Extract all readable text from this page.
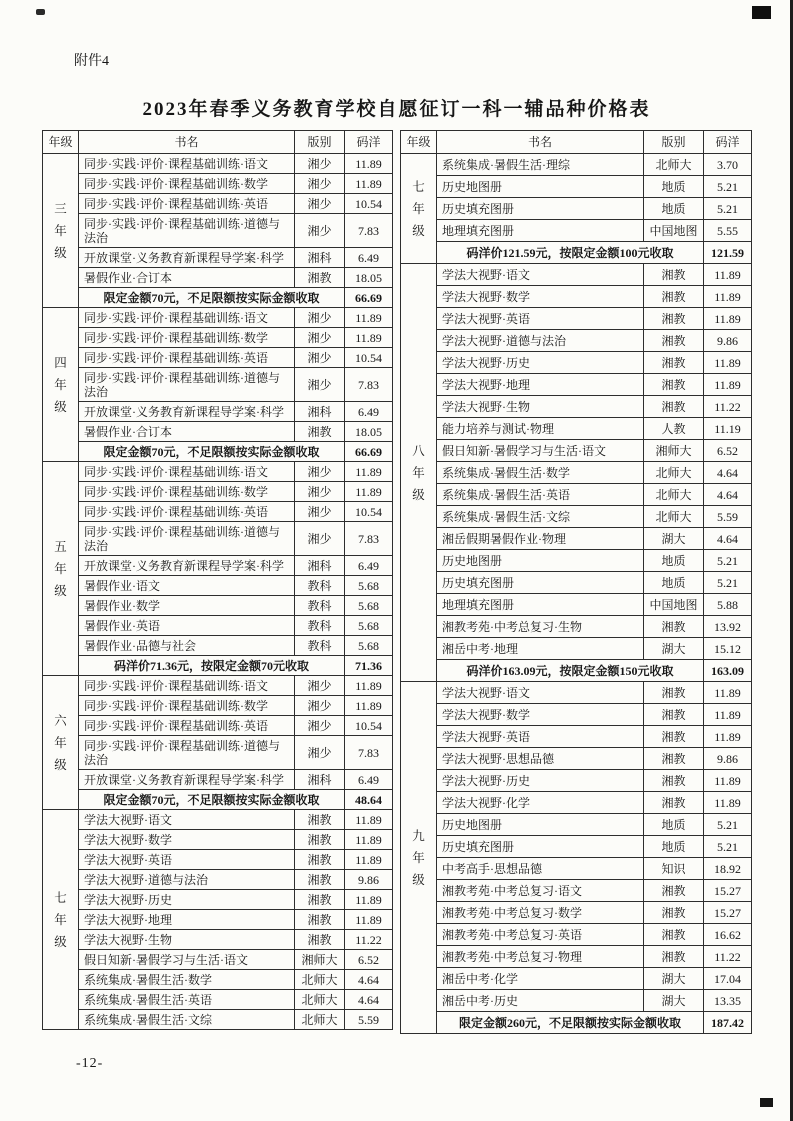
附件4
2023年春季义务教育学校自愿征订一科一辅品种价格表
年级	书名	版别	码洋

三年级	同步·实践·评价·课程基础训练·语文	湘少	11.89
	同步·实践·评价·课程基础训练·数学	湘少	11.89
	同步·实践·评价·课程基础训练·英语	湘少	10.54
	同步·实践·评价·课程基础训练·道德与法治	湘少	7.83
	开放课堂·义务教育新课程导学案·科学	湘科	6.49
	暑假作业·合订本	湘教	18.05
	限定金额70元，不足限额按实际金额收取		66.69

四年级	同步·实践·评价·课程基础训练·语文	湘少	11.89
	同步·实践·评价·课程基础训练·数学	湘少	11.89
	同步·实践·评价·课程基础训练·英语	湘少	10.54
	同步·实践·评价·课程基础训练·道德与法治	湘少	7.83
	开放课堂·义务教育新课程导学案·科学	湘科	6.49
	暑假作业·合订本	湘教	18.05
	限定金额70元，不足限额按实际金额收取		66.69

五年级	同步·实践·评价·课程基础训练·语文	湘少	11.89
	同步·实践·评价·课程基础训练·数学	湘少	11.89
	同步·实践·评价·课程基础训练·英语	湘少	10.54
	同步·实践·评价·课程基础训练·道德与法治	湘少	7.83
	开放课堂·义务教育新课程导学案·科学	湘科	6.49
	暑假作业·语文	教科	5.68
	暑假作业·数学	教科	5.68
	暑假作业·英语	教科	5.68
	暑假作业·品德与社会	教科	5.68
	码洋价71.36元，按限定金额70元收取		71.36

六年级	同步·实践·评价·课程基础训练·语文	湘少	11.89
	同步·实践·评价·课程基础训练·数学	湘少	11.89
	同步·实践·评价·课程基础训练·英语	湘少	10.54
	同步·实践·评价·课程基础训练·道德与法治	湘少	7.83
	开放课堂·义务教育新课程导学案·科学	湘科	6.49
	限定金额70元，不足限额按实际金额收取		48.64

七年级	学法大视野·语文	湘教	11.89
	学法大视野·数学	湘教	11.89
	学法大视野·英语	湘教	11.89
	学法大视野·道德与法治	湘教	9.86
	学法大视野·历史	湘教	11.89
	学法大视野·地理	湘教	11.89
	学法大视野·生物	湘教	11.22
	假日知新·暑假学习与生活·语文	湘师大	6.52
	系统集成·暑假生活·数学	北师大	4.64
	系统集成·暑假生活·英语	北师大	4.64
	系统集成·暑假生活·文综	北师大	5.59
年级	书名	版别	码洋

七年级	系统集成·暑假生活·理综	北师大	3.70
	历史地图册	地质	5.21
	历史填充图册	地质	5.21
	地理填充图册	中国地图	5.55
	码洋价121.59元，按限定金额100元收取		121.59

八年级	学法大视野·语文	湘教	11.89
	学法大视野·数学	湘教	11.89
	学法大视野·英语	湘教	11.89
	学法大视野·道德与法治	湘教	9.86
	学法大视野·历史	湘教	11.89
	学法大视野·地理	湘教	11.89
	学法大视野·生物	湘教	11.22
	能力培养与测试·物理	人教	11.19
	假日知新·暑假学习与生活·语文	湘师大	6.52
	系统集成·暑假生活·数学	北师大	4.64
	系统集成·暑假生活·英语	北师大	4.64
	系统集成·暑假生活·文综	北师大	5.59
	湘岳假期暑假作业·物理	湖大	4.64
	历史地图册	地质	5.21
	历史填充图册	地质	5.21
	地理填充图册	中国地图	5.88
	湘教考苑·中考总复习·生物	湘教	13.92
	湘岳中考·地理	湖大	15.12
	码洋价163.09元，按限定金额150元收取		163.09

九年级	学法大视野·语文	湘教	11.89
	学法大视野·数学	湘教	11.89
	学法大视野·英语	湘教	11.89
	学法大视野·思想品德	湘教	9.86
	学法大视野·历史	湘教	11.89
	学法大视野·化学	湘教	11.89
	历史地图册	地质	5.21
	历史填充图册	地质	5.21
	中考高手·思想品德	知识	18.92
	湘教考苑·中考总复习·语文	湘教	15.27
	湘教考苑·中考总复习·数学	湘教	15.27
	湘教考苑·中考总复习·英语	湘教	16.62
	湘教考苑·中考总复习·物理	湘教	11.22
	湘岳中考·化学	湖大	17.04
	湘岳中考·历史	湖大	13.35
	限定金额260元，不足限额按实际金额收取		187.42
-12-
